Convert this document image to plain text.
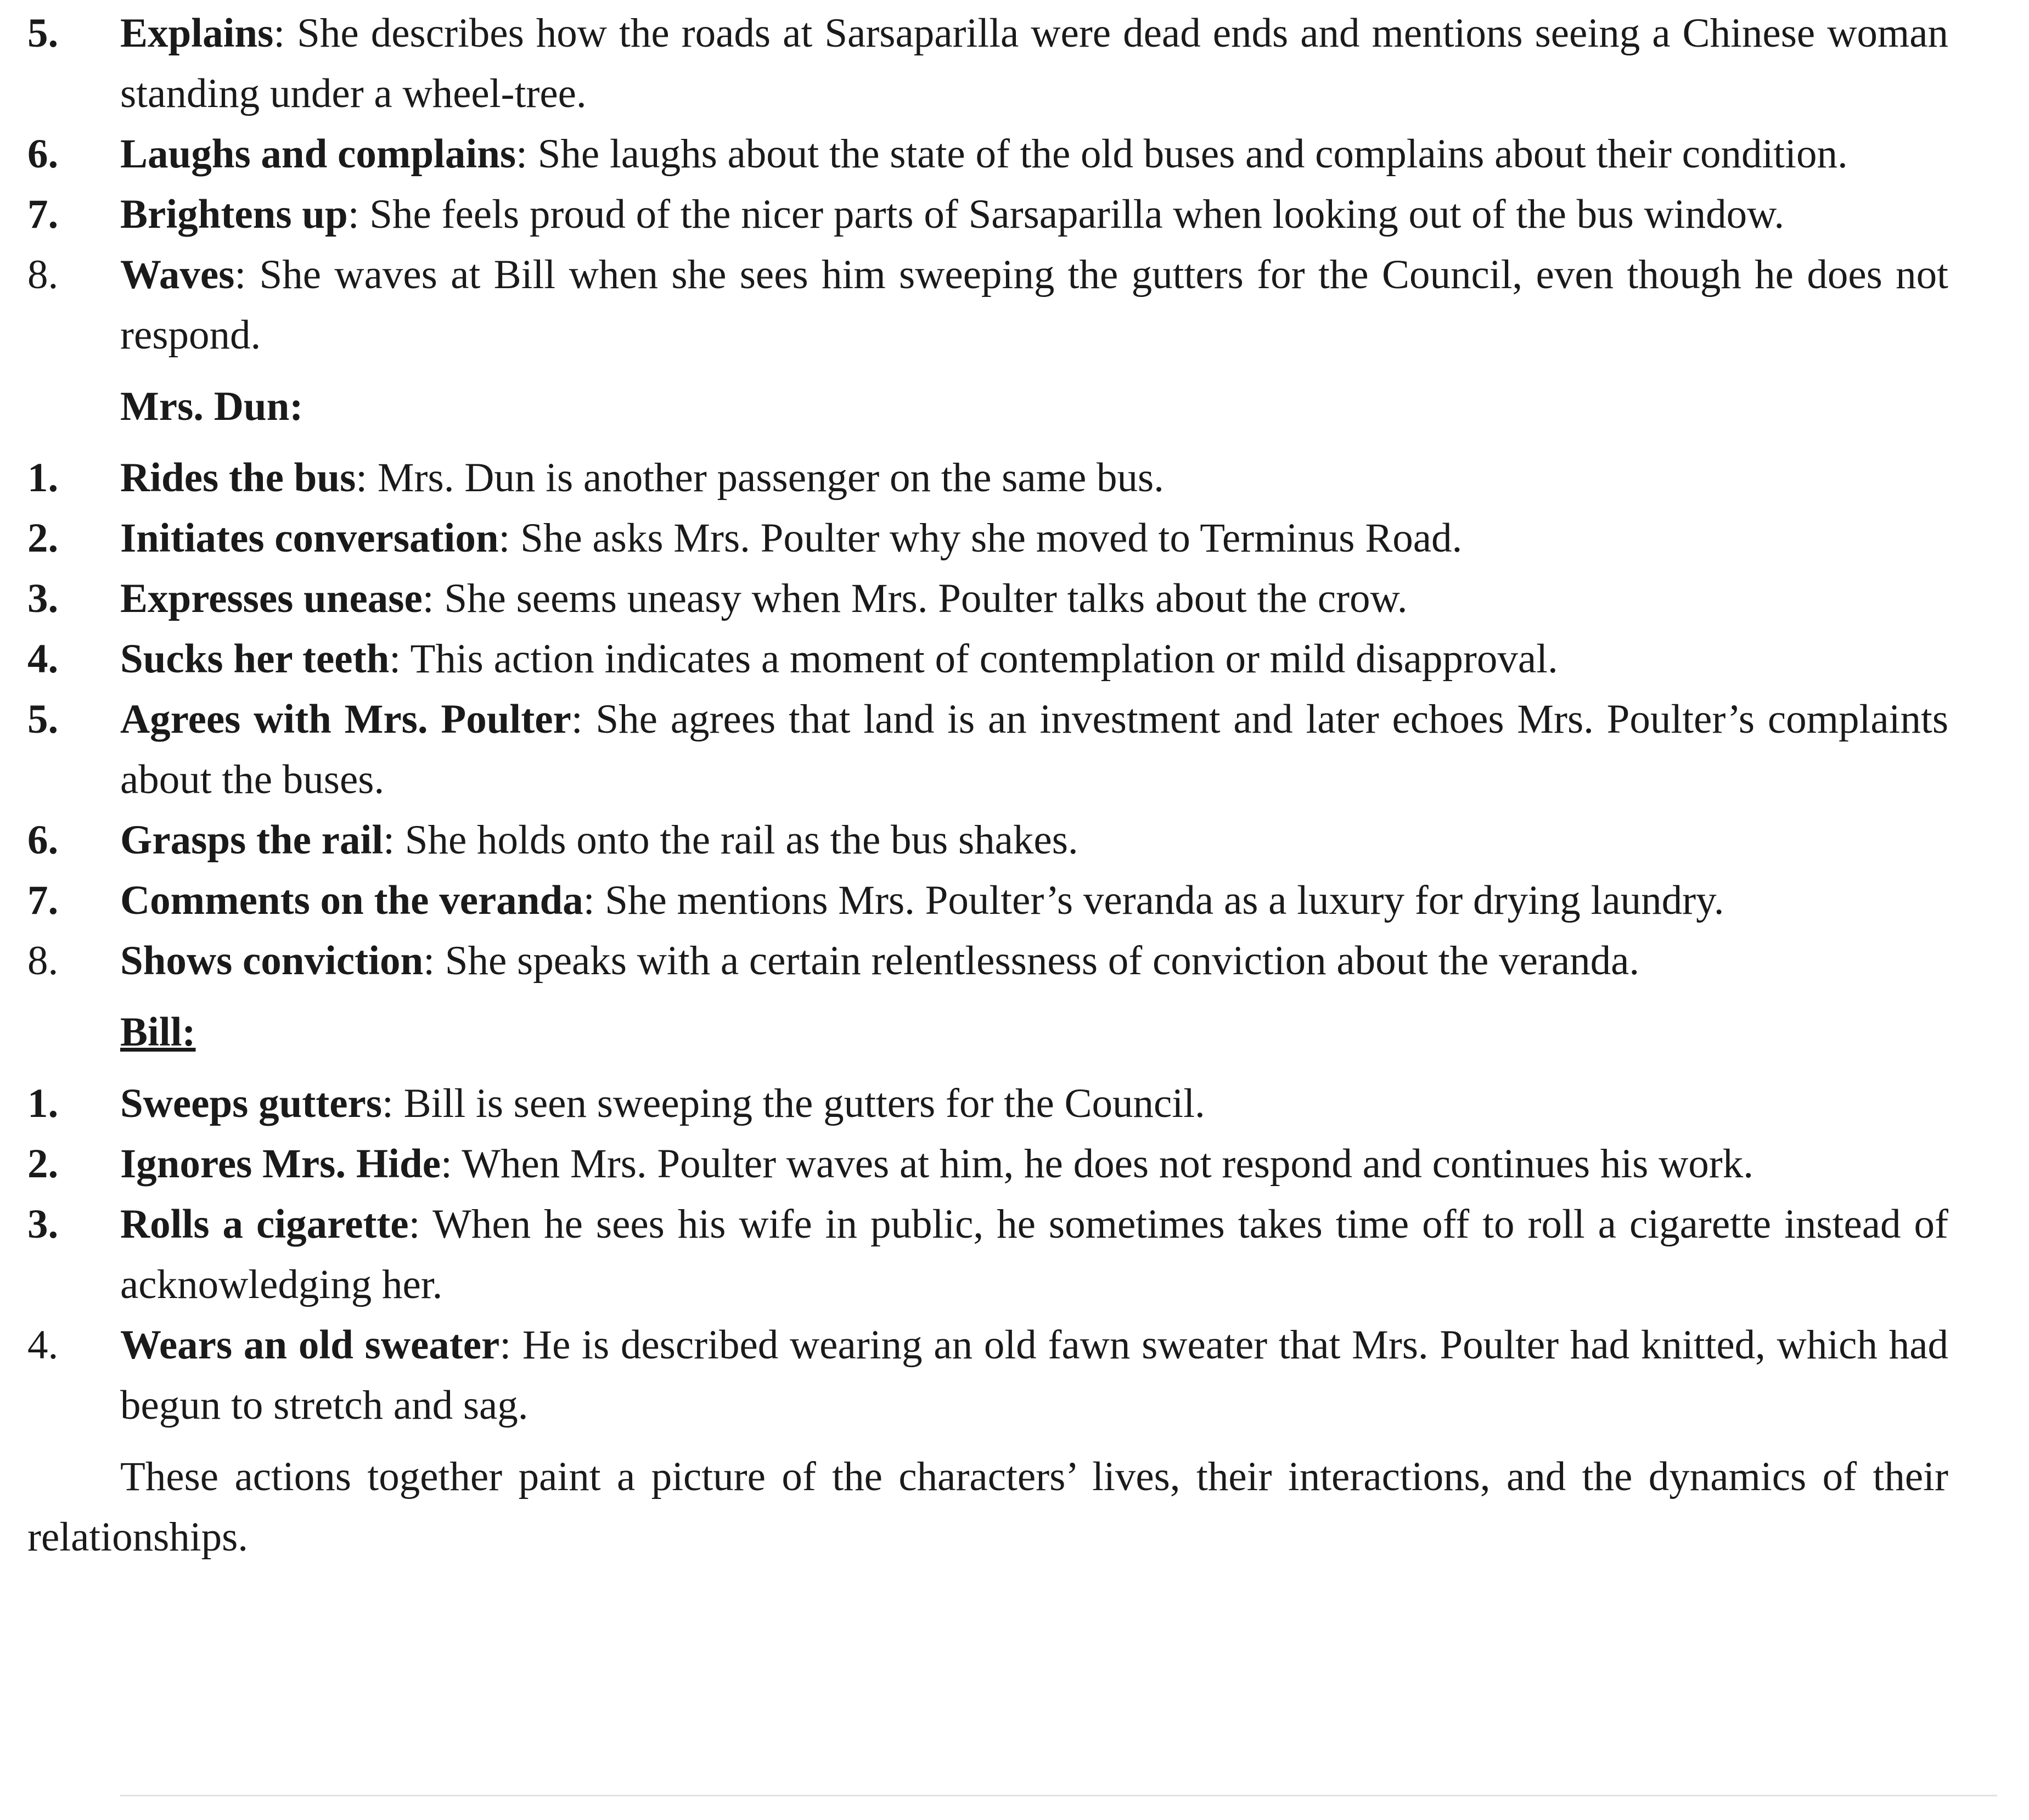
5.	Explains: She describes how the roads at Sarsaparilla were dead ends and mentions seeing a Chinese woman standing under a wheel-tree.
6.	Laughs and complains: She laughs about the state of the old buses and complains about their condition.
7.	Brightens up: She feels proud of the nicer parts of Sarsaparilla when looking out of the bus window.
8.	Waves: She waves at Bill when she sees him sweeping the gutters for the Council, even though he does not respond.
Mrs. Dun:
1.	Rides the bus: Mrs. Dun is another passenger on the same bus.
2.	Initiates conversation: She asks Mrs. Poulter why she moved to Terminus Road.
3.	Expresses unease: She seems uneasy when Mrs. Poulter talks about the crow.
4.	Sucks her teeth: This action indicates a moment of contemplation or mild disapproval.
5.	Agrees with Mrs. Poulter: She agrees that land is an investment and later echoes Mrs. Poulter’s complaints about the buses.
6.	Grasps the rail: She holds onto the rail as the bus shakes.
7.	Comments on the veranda: She mentions Mrs. Poulter’s veranda as a luxury for drying laundry.
8.	Shows conviction: She speaks with a certain relentlessness of conviction about the veranda.
Bill:
1.	Sweeps gutters: Bill is seen sweeping the gutters for the Council.
2.	Ignores Mrs. Hide: When Mrs. Poulter waves at him, he does not respond and continues his work.
3.	Rolls a cigarette: When he sees his wife in public, he sometimes takes time off to roll a cigarette instead of acknowledging her.
4.	Wears an old sweater: He is described wearing an old fawn sweater that Mrs. Poulter had knitted, which had begun to stretch and sag.

These actions together paint a picture of the characters’ lives, their interactions, and the dynamics of their relationships.
